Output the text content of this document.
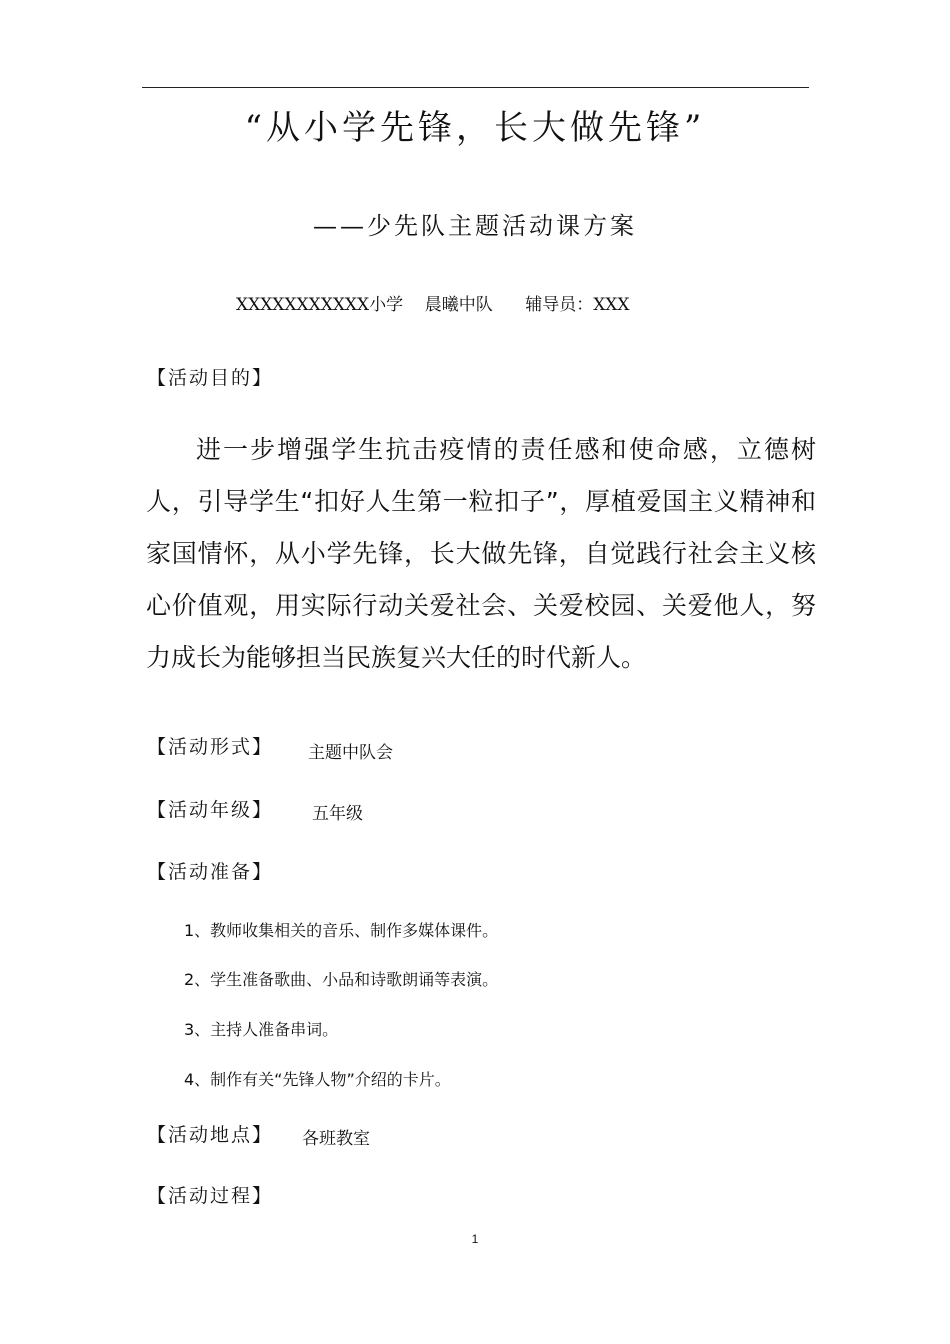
“从小学先锋，长大做先锋”
——少先队主题活动课方案
XXXXXXXXXXX小学 晨曦中队 辅导员：XXX
【活动目的】
进一步增强学生抗击疫情的责任感和使命感，立德树人，引导学生“扣好人生第一粒扣子”，厚植爱国主义精神和家国情怀，从小学先锋，长大做先锋，自觉践行社会主义核心价值观，用实际行动关爱社会、关爱校园、关爱他人，努力成长为能够担当民族复兴大任的时代新人。
【活动形式】 主题中队会
【活动年级】 五年级
【活动准备】
1、教师收集相关的音乐、制作多媒体课件。
2、学生准备歌曲、小品和诗歌朗诵等表演。
3、主持人准备串词。
4、制作有关“先锋人物”介绍的卡片。
【活动地点】 各班教室
【活动过程】
1
